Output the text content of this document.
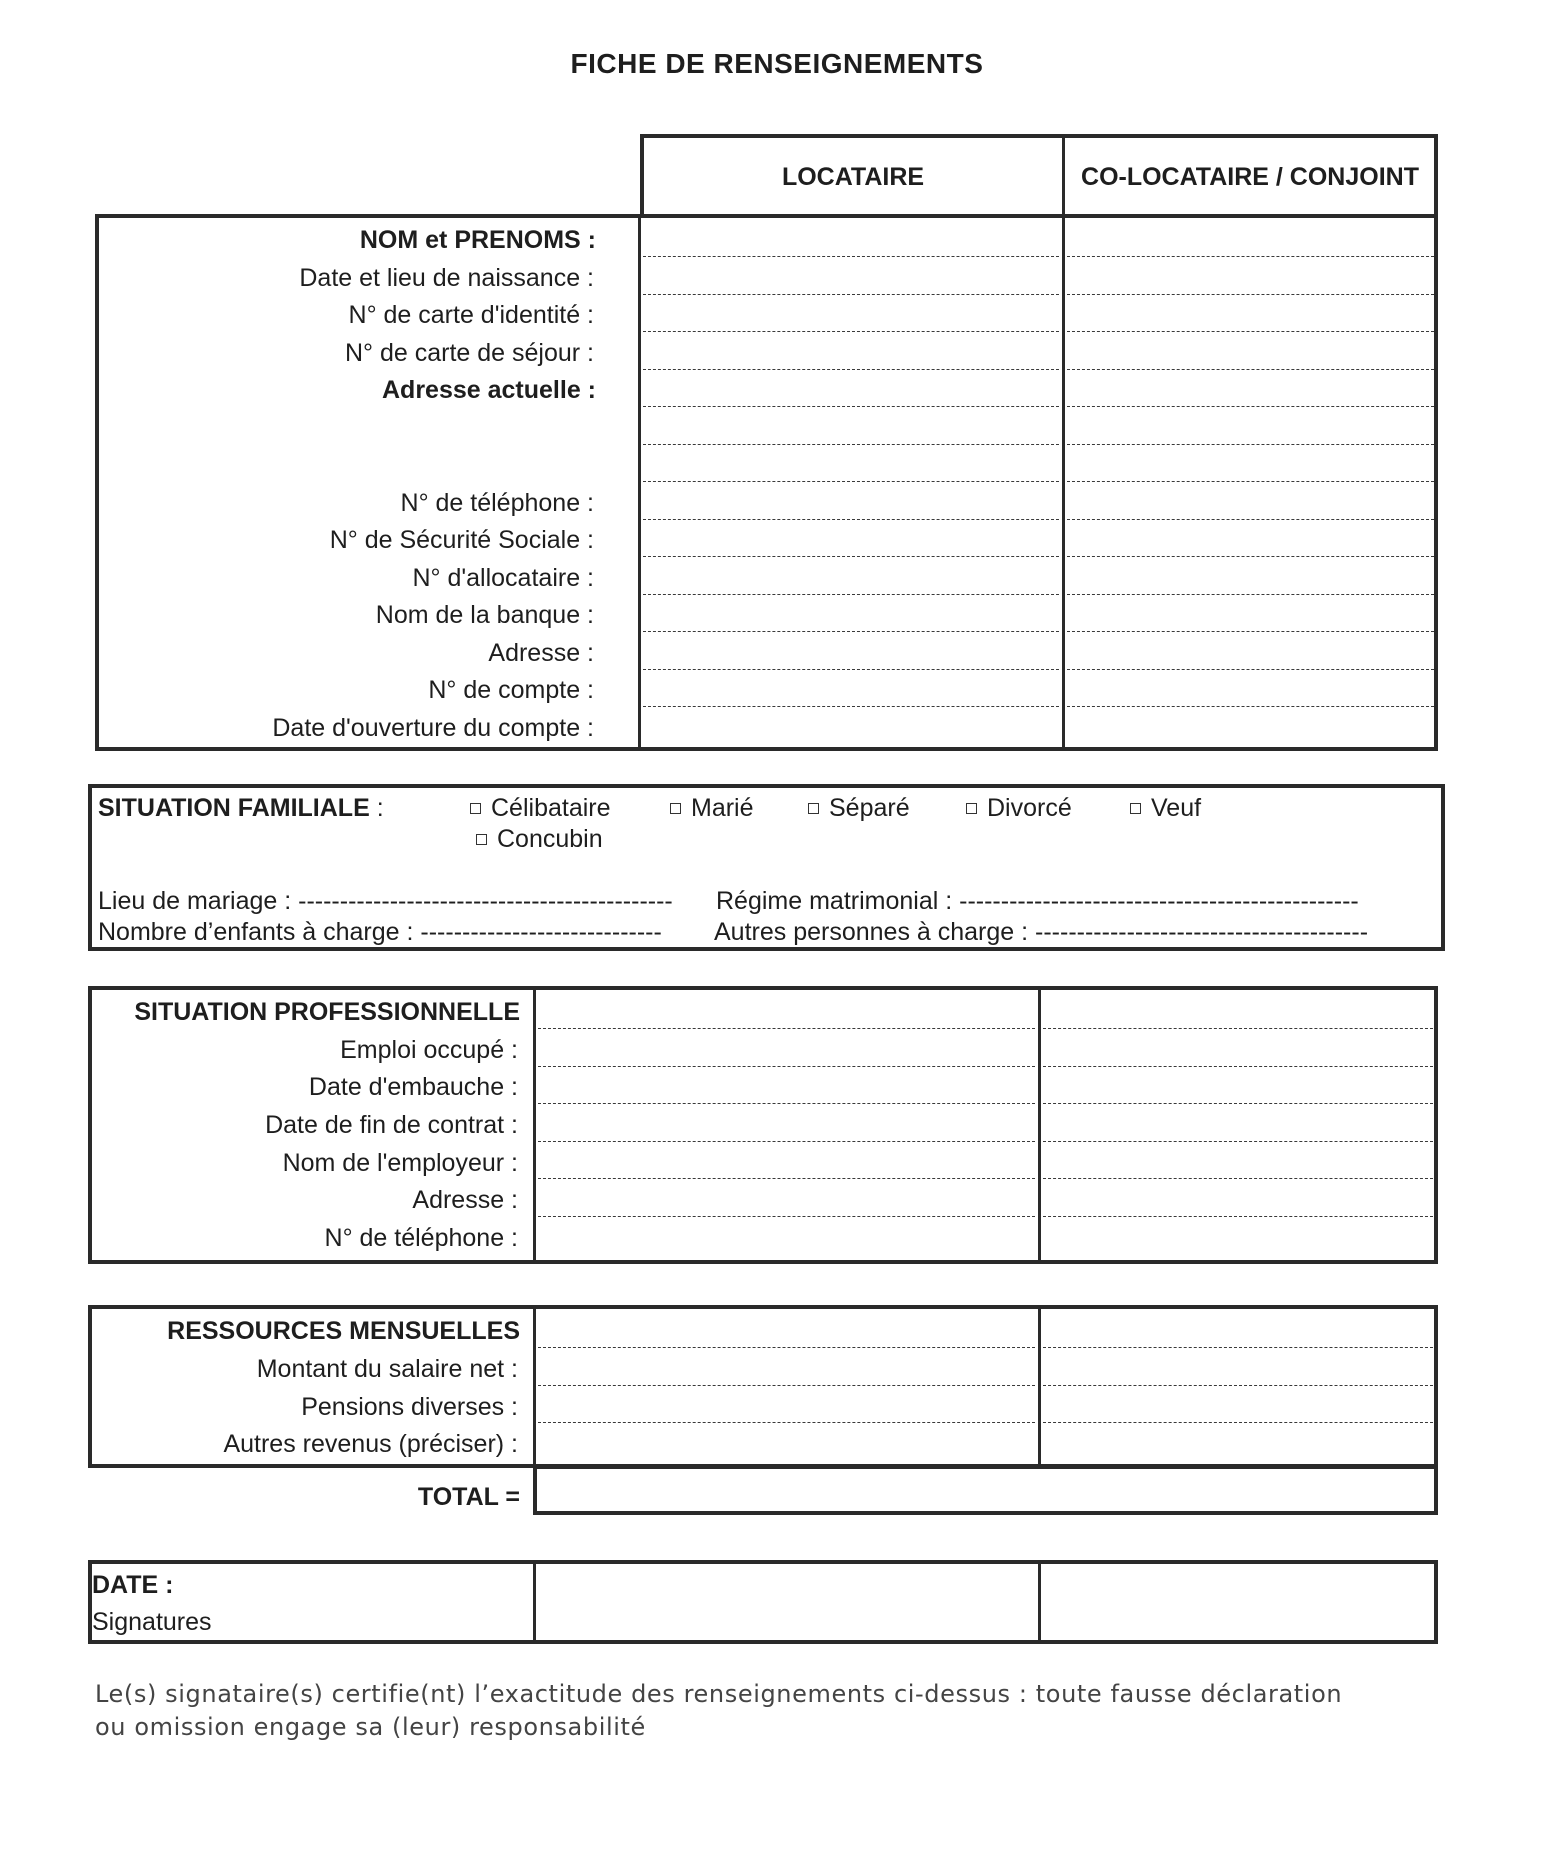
FICHE DE RENSEIGNEMENTS
LOCATAIRE	CO-LOCATAIRE / CONJOINT
NOM et PRENOMS :
Date et lieu de naissance :
N° de carte d'identité :
N° de carte de séjour :
Adresse actuelle :
N° de téléphone :
N° de Sécurité Sociale :
N° d'allocataire :
Nom de la banque :
Adresse :
N° de compte :
Date d'ouverture du compte :
SITUATION FAMILIALE :	Célibataire	Marié	Séparé	Divorcé	Veuf
Concubin
Lieu de mariage : --------------------------------------------- Régime matrimonial : ------------------------------------------------
Nombre d’enfants à charge : ----------------------------- Autres personnes à charge : ----------------------------------------
SITUATION PROFESSIONNELLE
Emploi occupé :
Date d'embauche :
Date de fin de contrat :
Nom de l'employeur :
Adresse :
N° de téléphone :
RESSOURCES MENSUELLES
Montant du salaire net :
Pensions diverses :
Autres revenus (préciser) :
TOTAL =
DATE :
Signatures
Le(s) signataire(s) certifie(nt) l’exactitude des renseignements ci-dessus : toute fausse déclaration
ou omission engage sa (leur) responsabilité
